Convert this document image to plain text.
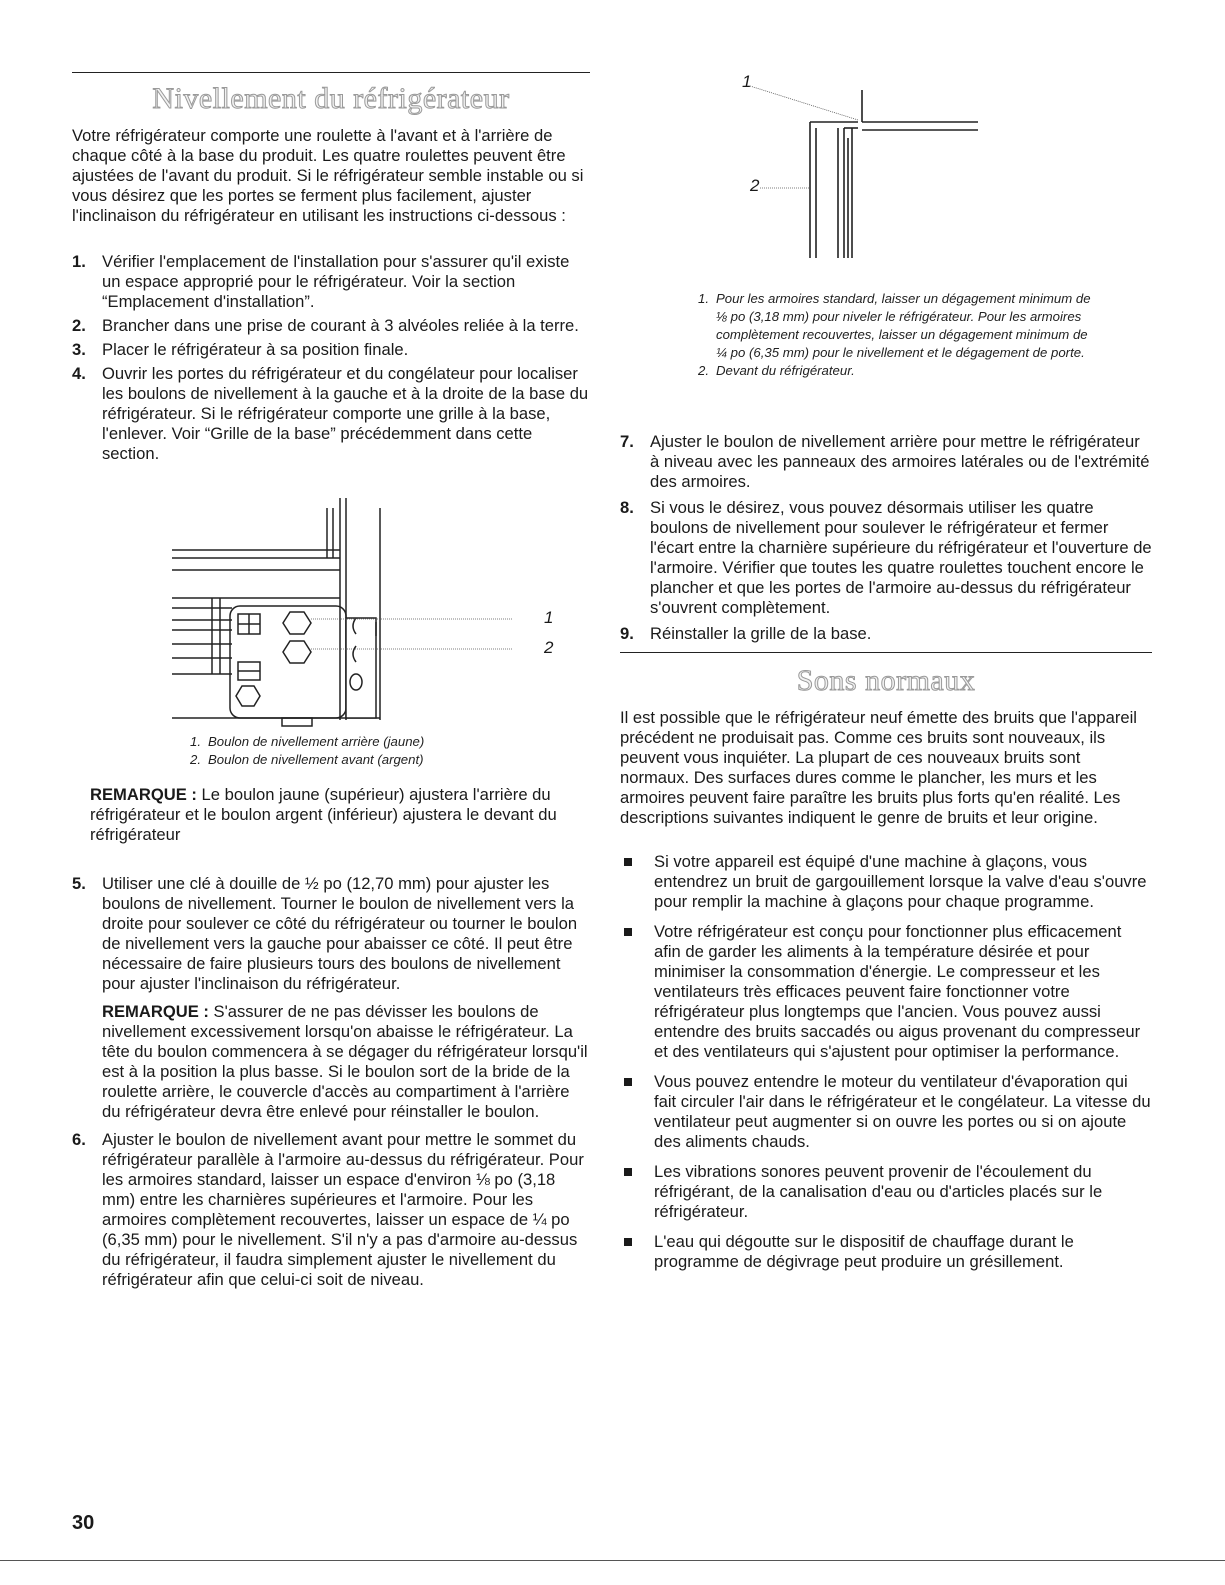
Nivellement du réfrigérateur

Votre réfrigérateur comporte une roulette à l'avant et à l'arrière de chaque côté à la base du produit. Les quatre roulettes peuvent être ajustées de l'avant du produit. Si le réfrigérateur semble instable ou si vous désirez que les portes se ferment plus facilement, ajuster l'inclinaison du réfrigérateur en utilisant les instructions ci-dessous :

1. Vérifier l'emplacement de l'installation pour s'assurer qu'il existe un espace approprié pour le réfrigérateur. Voir la section “Emplacement d'installation”.
2. Brancher dans une prise de courant à 3 alvéoles reliée à la terre.
3. Placer le réfrigérateur à sa position finale.
4. Ouvrir les portes du réfrigérateur et du congélateur pour localiser les boulons de nivellement à la gauche et à la droite de la base du réfrigérateur. Si le réfrigérateur comporte une grille à la base, l'enlever. Voir “Grille de la base” précédemment dans cette section.
1
2
1. Boulon de nivellement arrière (jaune)
2. Boulon de nivellement avant (argent)

REMARQUE : Le boulon jaune (supérieur) ajustera l'arrière du réfrigérateur et le boulon argent (inférieur) ajustera le devant du réfrigérateur

5. Utiliser une clé à douille de ½ po (12,70 mm) pour ajuster les boulons de nivellement. Tourner le boulon de nivellement vers la droite pour soulever ce côté du réfrigérateur ou tourner le boulon de nivellement vers la gauche pour abaisser ce côté. Il peut être nécessaire de faire plusieurs tours des boulons de nivellement pour ajuster l'inclinaison du réfrigérateur.
REMARQUE : S'assurer de ne pas dévisser les boulons de nivellement excessivement lorsqu'on abaisse le réfrigérateur. La tête du boulon commencera à se dégager du réfrigérateur lorsqu'il est à la position la plus basse. Si le boulon sort de la bride de la roulette arrière, le couvercle d'accès au compartiment à l'arrière du réfrigérateur devra être enlevé pour réinstaller le boulon.
6. Ajuster le boulon de nivellement avant pour mettre le sommet du réfrigérateur parallèle à l'armoire au-dessus du réfrigérateur. Pour les armoires standard, laisser un espace d'environ ⅛ po (3,18 mm) entre les charnières supérieures et l'armoire. Pour les armoires complètement recouvertes, laisser un espace de ¼ po (6,35 mm) pour le nivellement. S'il n'y a pas d'armoire au-dessus du réfrigérateur, il faudra simplement ajuster le nivellement du réfrigérateur afin que celui-ci soit de niveau.
1
2
1. Pour les armoires standard, laisser un dégagement minimum de ⅛ po (3,18 mm) pour niveler le réfrigérateur. Pour les armoires complètement recouvertes, laisser un dégagement minimum de ¼ po (6,35 mm) pour le nivellement et le dégagement de porte.
2. Devant du réfrigérateur.
7. Ajuster le boulon de nivellement arrière pour mettre le réfrigérateur à niveau avec les panneaux des armoires latérales ou de l'extrémité des armoires.
8. Si vous le désirez, vous pouvez désormais utiliser les quatre boulons de nivellement pour soulever le réfrigérateur et fermer l'écart entre la charnière supérieure du réfrigérateur et l'ouverture de l'armoire. Vérifier que toutes les quatre roulettes touchent encore le plancher et que les portes de l'armoire au-dessus du réfrigérateur s'ouvrent complètement.
9. Réinstaller la grille de la base.
Sons normaux

Il est possible que le réfrigérateur neuf émette des bruits que l'appareil précédent ne produisait pas. Comme ces bruits sont nouveaux, ils peuvent vous inquiéter. La plupart de ces nouveaux bruits sont normaux. Des surfaces dures comme le plancher, les murs et les armoires peuvent faire paraître les bruits plus forts qu'en réalité. Les descriptions suivantes indiquent le genre de bruits et leur origine.

Si votre appareil est équipé d'une machine à glaçons, vous entendrez un bruit de gargouillement lorsque la valve d'eau s'ouvre pour remplir la machine à glaçons pour chaque programme.
Votre réfrigérateur est conçu pour fonctionner plus efficacement afin de garder les aliments à la température désirée et pour minimiser la consommation d'énergie. Le compresseur et les ventilateurs très efficaces peuvent faire fonctionner votre réfrigérateur plus longtemps que l'ancien. Vous pouvez aussi entendre des bruits saccadés ou aigus provenant du compresseur et des ventilateurs qui s'ajustent pour optimiser la performance.
Vous pouvez entendre le moteur du ventilateur d'évaporation qui fait circuler l'air dans le réfrigérateur et le congélateur. La vitesse du ventilateur peut augmenter si on ouvre les portes ou si on ajoute des aliments chauds.
Les vibrations sonores peuvent provenir de l'écoulement du réfrigérant, de la canalisation d'eau ou d'articles placés sur le réfrigérateur.
L'eau qui dégoutte sur le dispositif de chauffage durant le programme de dégivrage peut produire un grésillement.
30
